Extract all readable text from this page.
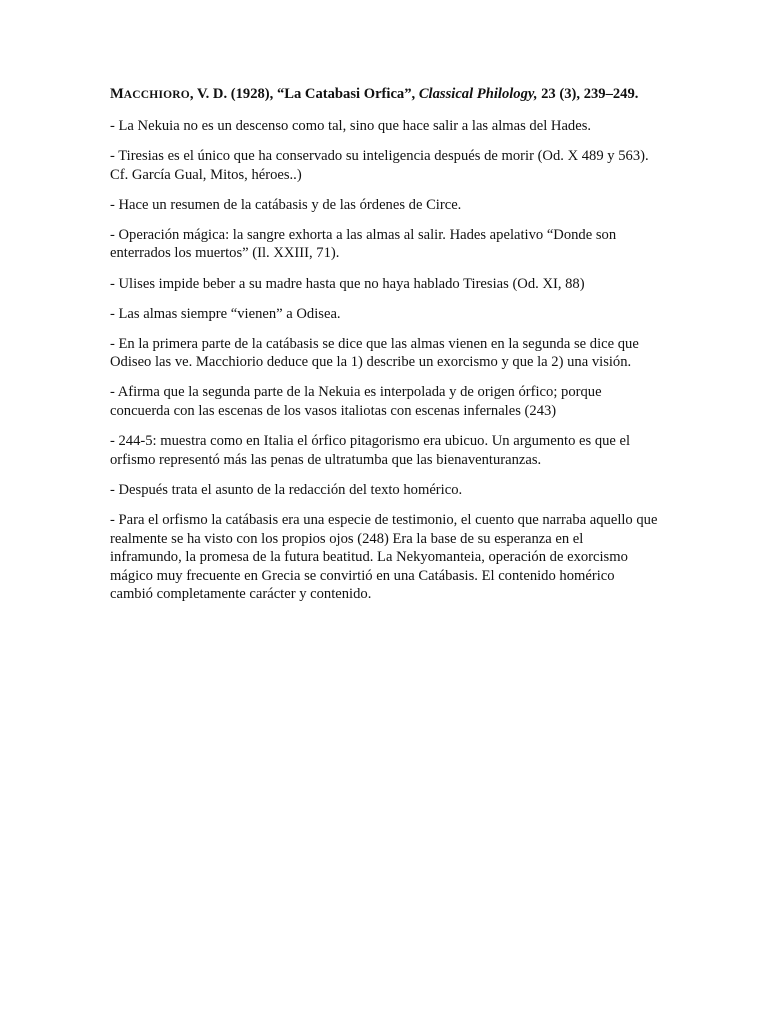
MACCHIORO, V. D. (1928), “La Catabasi Orfica”, Classical Philology, 23 (3), 239–249.

- La Nekuia no es un descenso como tal, sino que hace salir a las almas del Hades.

- Tiresias es el único que ha conservado su inteligencia después de morir (Od. X 489 y 563). Cf. García Gual, Mitos, héroes..)

- Hace un resumen de la catábasis y de las órdenes de Circe.

- Operación mágica: la sangre exhorta a las almas al salir. Hades apelativo “Donde son enterrados los muertos” (Il. XXIII, 71).

- Ulises impide beber a su madre hasta que no haya hablado Tiresias (Od. XI, 88)

- Las almas siempre “vienen” a Odisea.

- En la primera parte de la catábasis se dice que las almas vienen en la segunda se dice que Odiseo las ve. Macchiorio deduce que la 1) describe un exorcismo y que la 2) una visión.

- Afirma que la segunda parte de la Nekuia es interpolada y de origen órfico; porque concuerda con las escenas de los vasos italiotas con escenas infernales (243)

- 244-5: muestra como en Italia el órfico pitagorismo era ubicuo. Un argumento es que el orfismo representó más las penas de ultratumba que las bienaventuranzas.

- Después trata el asunto de la redacción del texto homérico.

- Para el orfismo la catábasis era una especie de testimonio, el cuento que narraba aquello que realmente se ha visto con los propios ojos (248) Era la base de su esperanza en el inframundo, la promesa de la futura beatitud. La Nekyomanteia, operación de exorcismo mágico muy frecuente en Grecia se convirtió en una Catábasis. El contenido homérico cambió completamente carácter y contenido.
